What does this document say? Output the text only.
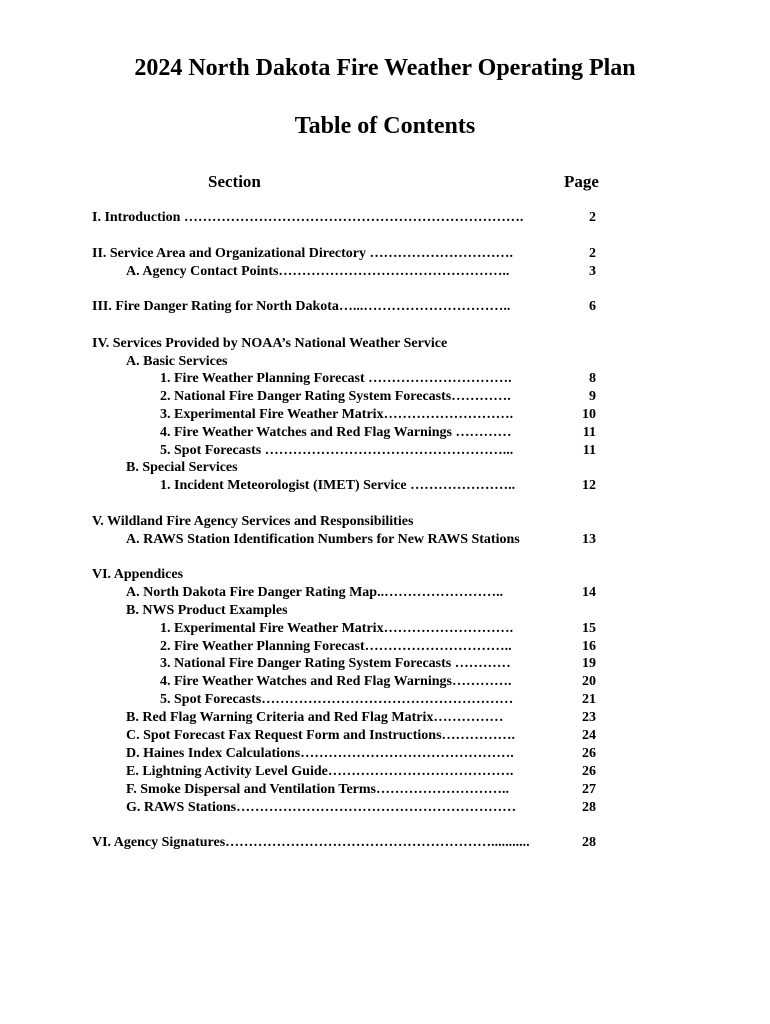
2024 North Dakota Fire Weather Operating Plan
Table of Contents
Section	Page
I. Introduction ……………………………………………………………….	2
II. Service Area and Organizational Directory ………………………….	2
A. Agency Contact Points…………………………………………..	3
III. Fire Danger Rating for North Dakota…...…………………………..	6
IV. Services Provided by NOAA’s National Weather Service
A. Basic Services
1. Fire Weather Planning Forecast ………………………….	8
2. National Fire Danger Rating System Forecasts………….	9
3. Experimental Fire Weather Matrix……………………….	10
4. Fire Weather Watches and Red Flag Warnings …………	11
5. Spot Forecasts ……………………………………………...	11
B. Special Services
1. Incident Meteorologist (IMET) Service …………………..	12
V. Wildland Fire Agency Services and Responsibilities
A. RAWS Station Identification Numbers for New RAWS Stations	13
VI. Appendices
A. North Dakota Fire Danger Rating Map..……………………..	14
B. NWS Product Examples
1. Experimental Fire Weather Matrix……………………….	15
2. Fire Weather Planning Forecast…………………………..	16
3. National Fire Danger Rating System Forecasts …………	19
4. Fire Weather Watches and Red Flag Warnings………….	20
5. Spot Forecasts………………………………………………	21
B. Red Flag Warning Criteria and Red Flag Matrix……………	23
C. Spot Forecast Fax Request Form and Instructions…………….	24
D. Haines Index Calculations……………………………………….	26
E. Lightning Activity Level Guide………………………………….	26
F. Smoke Dispersal and Ventilation Terms………………………..	27
G. RAWS Stations……………………………………………………	28
VI. Agency Signatures…………………………………………………...........	28
